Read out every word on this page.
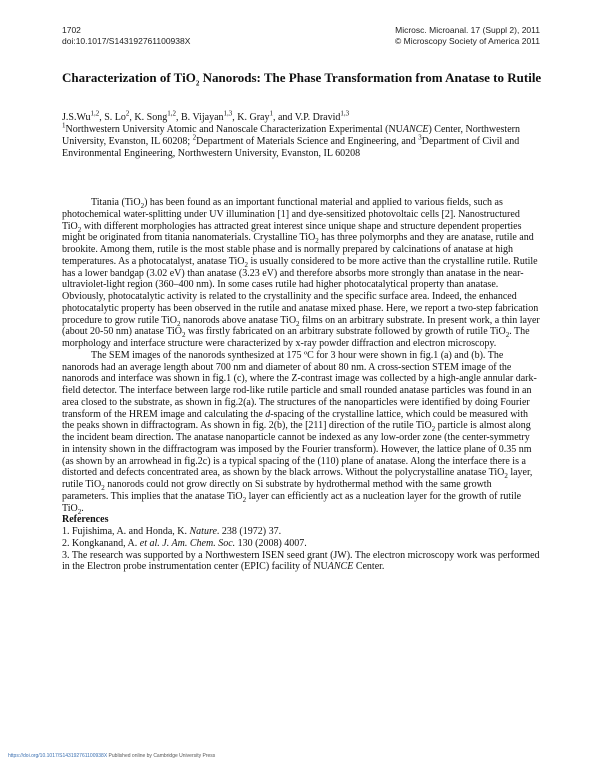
1702
doi:10.1017/S143192761100938X
Microsc. Microanal. 17 (Suppl 2), 2011
© Microscopy Society of America 2011
Characterization of TiO$_2$ Nanorods: The Phase Transformation from Anatase to Rutile
J.S.Wu$^{1,2}$, S. Lo$^2$, K. Song$^{1,2}$, B. Vijayan$^{1,3}$, K. Gray$^1$, and V.P. Dravid$^{1,3}$
$^1$Northwestern University Atomic and Nanoscale Characterization Experimental (NUANCE) Center, Northwestern University, Evanston, IL 60208; $^2$Department of Materials Science and Engineering, and $^3$Department of Civil and Environmental Engineering, Northwestern University, Evanston, IL 60208

Titania (TiO$_2$) has been found as an important functional material and applied to various fields, such as photochemical water-splitting under UV illumination [1] and dye-sensitized photovoltaic cells [2]. Nanostructured TiO$_2$ with different morphologies has attracted great interest since unique shape and structure dependent properties might be originated from titania nanomaterials. Crystalline TiO$_2$ has three polymorphs and they are anatase, rutile and brookite. Among them, rutile is the most stable phase and is normally prepared by calcinations of anatase at high temperatures. As a photocatalyst, anatase TiO$_2$ is usually considered to be more active than the crystalline rutile. Rutile has a lower bandgap (3.02 eV) than anatase (3.23 eV) and therefore absorbs more strongly than anatase in the near-ultraviolet-light region (360–400 nm). In some cases rutile had higher photocatalytical property than anatase. Obviously, photocatalytic activity is related to the crystallinity and the specific surface area. Indeed, the enhanced photocatalytic property has been observed in the rutile and anatase mixed phase. Here, we report a two-step fabrication procedure to grow rutile TiO$_2$ nanorods above anatase TiO$_2$ films on an arbitrary substrate. In present work, a thin layer (about 20-50 nm) anatase TiO$_2$ was firstly fabricated on an arbitrary substrate followed by growth of rutile TiO$_2$. The morphology and interface structure were characterized by x-ray powder diffraction and electron microscopy.

The SEM images of the nanorods synthesized at 175 ºC for 3 hour were shown in fig.1 (a) and (b). The nanorods had an average length about 700 nm and diameter of about 80 nm. A cross-section STEM image of the nanorods and interface was shown in fig.1 (c), where the Z-contrast image was collected by a high-angle annular dark-field detector. The interface between large rod-like rutile particle and small rounded anatase particles was found in an area closed to the substrate, as shown in fig.2(a). The structures of the nanoparticles were identified by doing Fourier transform of the HREM image and calculating the d-spacing of the crystalline lattice, which could be measured with the peaks shown in diffractogram. As shown in fig. 2(b), the [211] direction of the rutile TiO$_2$ particle is almost along the incident beam direction. The anatase nanoparticle cannot be indexed as any low-order zone (the center-symmetry in intensity shown in the diffractogram was imposed by the Fourier transform). However, the lattice plane of 0.35 nm (as shown by an arrowhead in fig.2c) is a typical spacing of the (110) plane of anatase. Along the interface there is a distorted and defects concentrated area, as shown by the black arrows. Without the polycrystalline anatase TiO$_2$ layer, rutile TiO$_2$ nanorods could not grow directly on Si substrate by hydrothermal method with the same growth parameters. This implies that the anatase TiO$_2$ layer can efficiently act as a nucleation layer for the growth of rutile TiO$_2$.

References
1. Fujishima, A. and Honda, K. Nature. 238 (1972) 37.
2. Kongkanand, A. et al. J. Am. Chem. Soc. 130 (2008) 4007.
3. The research was supported by a Northwestern ISEN seed grant (JW). The electron microscopy work was performed in the Electron probe instrumentation center (EPIC) facility of NUANCE Center.
https://doi.org/10.1017/S143192761100938X Published online by Cambridge University Press
